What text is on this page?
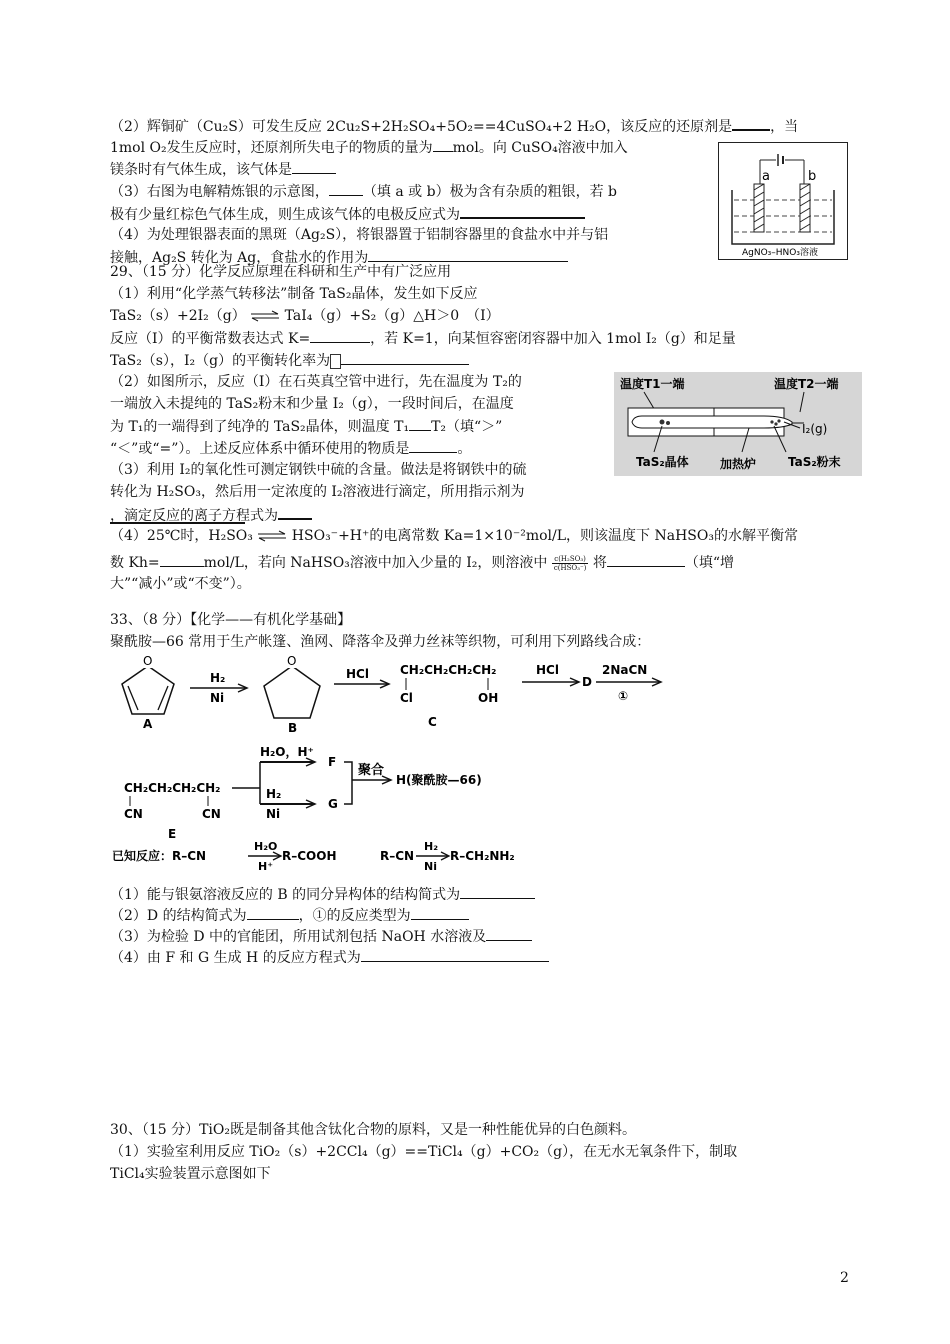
（2）辉铜矿（Cu₂S）可发生反应 2Cu₂S+2H₂SO₄+5O₂==4CuSO₄+2 H₂O，该反应的还原剂是	，当
1mol O₂发生反应时，还原剂所失电子的物质的量为 mol。向 CuSO₄溶液中加入
镁条时有气体生成，该气体是
（3）右图为电解精炼银的示意图， （填 a 或 b）极为含有杂质的粗银，若 b
极有少量红棕色气体生成，则生成该气体的电极反应式为
（4）为处理银器表面的黑斑（Ag₂S），将银器置于铝制容器里的食盐水中并与铝
接触，Ag₂S 转化为 Ag，食盐水的作用为
a	b
AgNO₃–HNO₃溶液
29、（15 分）化学反应原理在科研和生产中有广泛应用
（1）利用“化学蒸气转移法”制备 TaS₂晶体，发生如下反应
TaS₂（s）+2I₂（g） ⇌ TaI₄（g）+S₂（g）△H＞0　（I）
反应（I）的平衡常数表达式 K=	，若 K=1，向某恒容密闭容器中加入 1mol I₂（g）和足量
TaS₂（s），I₂（g）的平衡转化率为
（2）如图所示，反应（I）在石英真空管中进行，先在温度为 T₂的
一端放入未提纯的 TaS₂粉末和少量 I₂（g），一段时间后，在温度
为 T₁的一端得到了纯净的 TaS₂晶体，则温度 T₁ T₂（填“＞”
“＜”或“=”）。上述反应体系中循环使用的物质是	。
（3）利用 I₂的氧化性可测定钢铁中硫的含量。做法是将钢铁中的硫
转化为 H₂SO₃，然后用一定浓度的 I₂溶液进行滴定，所用指示剂为
，滴定反应的离子方程式为
（4）25℃时，H₂SO₃ ⇌ HSO₃⁻+H⁺的电离常数 Ka=1×10⁻²mol/L，则该温度下 NaHSO₃的水解平衡常
数 Kh=	mol/L，若向 NaHSO₃溶液中加入少量的 I₂，则溶液中 c(H₂SO₃)
c(HSO₃⁻) 将	（填“增
大”“减小”或“不变”）。
温度T1一端	温度T2一端
I₂(g)
TaS₂晶体	加热炉	TaS₂粉末
33、（8 分）【化学——有机化学基础】
聚酰胺—66 常用于生产帐篷、渔网、降落伞及弹力丝袜等织物，可利用下列路线合成：
O
A
H₂
Ni
O
B
HCl	CH₂CH₂CH₂CH₂
Cl	OH
C
HCl
D
2NaCN
①
CH₂CH₂CH₂CH₂
CN	CN
E
H₂O，H⁺
H₂
Ni
F
G
聚合
H(聚酰胺—66)
已知反应：R–CN
H₂O
H⁺
R–COOH	R–CN
H₂
Ni
R–CH₂NH₂
（1）能与银氨溶液反应的 B 的同分异构体的结构简式为
（2）D 的结构简式为	，①的反应类型为
（3）为检验 D 中的官能团，所用试剂包括 NaOH 水溶液及
（4）由 F 和 G 生成 H 的反应方程式为
30、（15 分）TiO₂既是制备其他含钛化合物的原料，又是一种性能优异的白色颜料。
（1）实验室利用反应 TiO₂（s）+2CCl₄（g）==TiCl₄（g）+CO₂（g），在无水无氧条件下，制取
TiCl₄实验装置示意图如下
2
